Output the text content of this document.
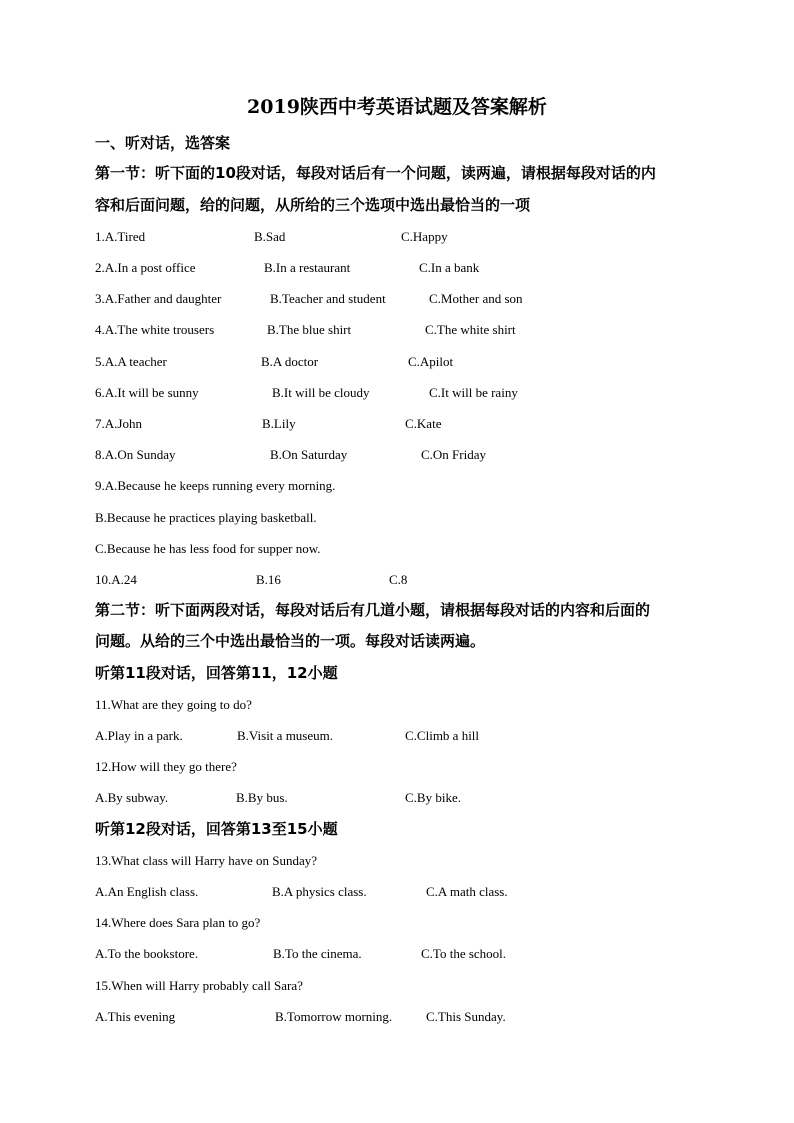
2019陕西中考英语试题及答案解析
一、听对话，选答案
第一节：听下面的10段对话，每段对话后有一个问题，读两遍，请根据每段对话的内
容和后面问题，给的问题，从所给的三个选项中选出最恰当的一项
1.A.Tired	B.Sad	C.Happy
2.A.In a post office	B.In a restaurant	C.In a bank
3.A.Father and daughter	B.Teacher and student	C.Mother and son
4.A.The white trousers	B.The blue shirt	C.The white shirt
5.A.A teacher	B.A doctor	C.Apilot
6.A.It will be sunny	B.It will be cloudy	C.It will be rainy
7.A.John	B.Lily	C.Kate
8.A.On Sunday	B.On Saturday	C.On Friday
9.A.Because he keeps running every morning.
B.Because he practices playing basketball.
C.Because he has less food for supper now.
10.A.24	B.16	C.8
第二节：听下面两段对话，每段对话后有几道小题，请根据每段对话的内容和后面的
问题。从给的三个中选出最恰当的一项。每段对话读两遍。
听第11段对话，回答第11，12小题
11.What are they going to do?
A.Play in a park.	B.Visit a museum.	C.Climb a hill
12.How will they go there?
A.By subway.	B.By bus.	C.By bike.
听第12段对话，回答第13至15小题
13.What class will Harry have on Sunday?
A.An English class.	B.A physics class.	C.A math class.
14.Where does Sara plan to go?
A.To the bookstore.	B.To the cinema.	C.To the school.
15.When will Harry probably call Sara?
A.This evening	B.Tomorrow morning.	C.This Sunday.
